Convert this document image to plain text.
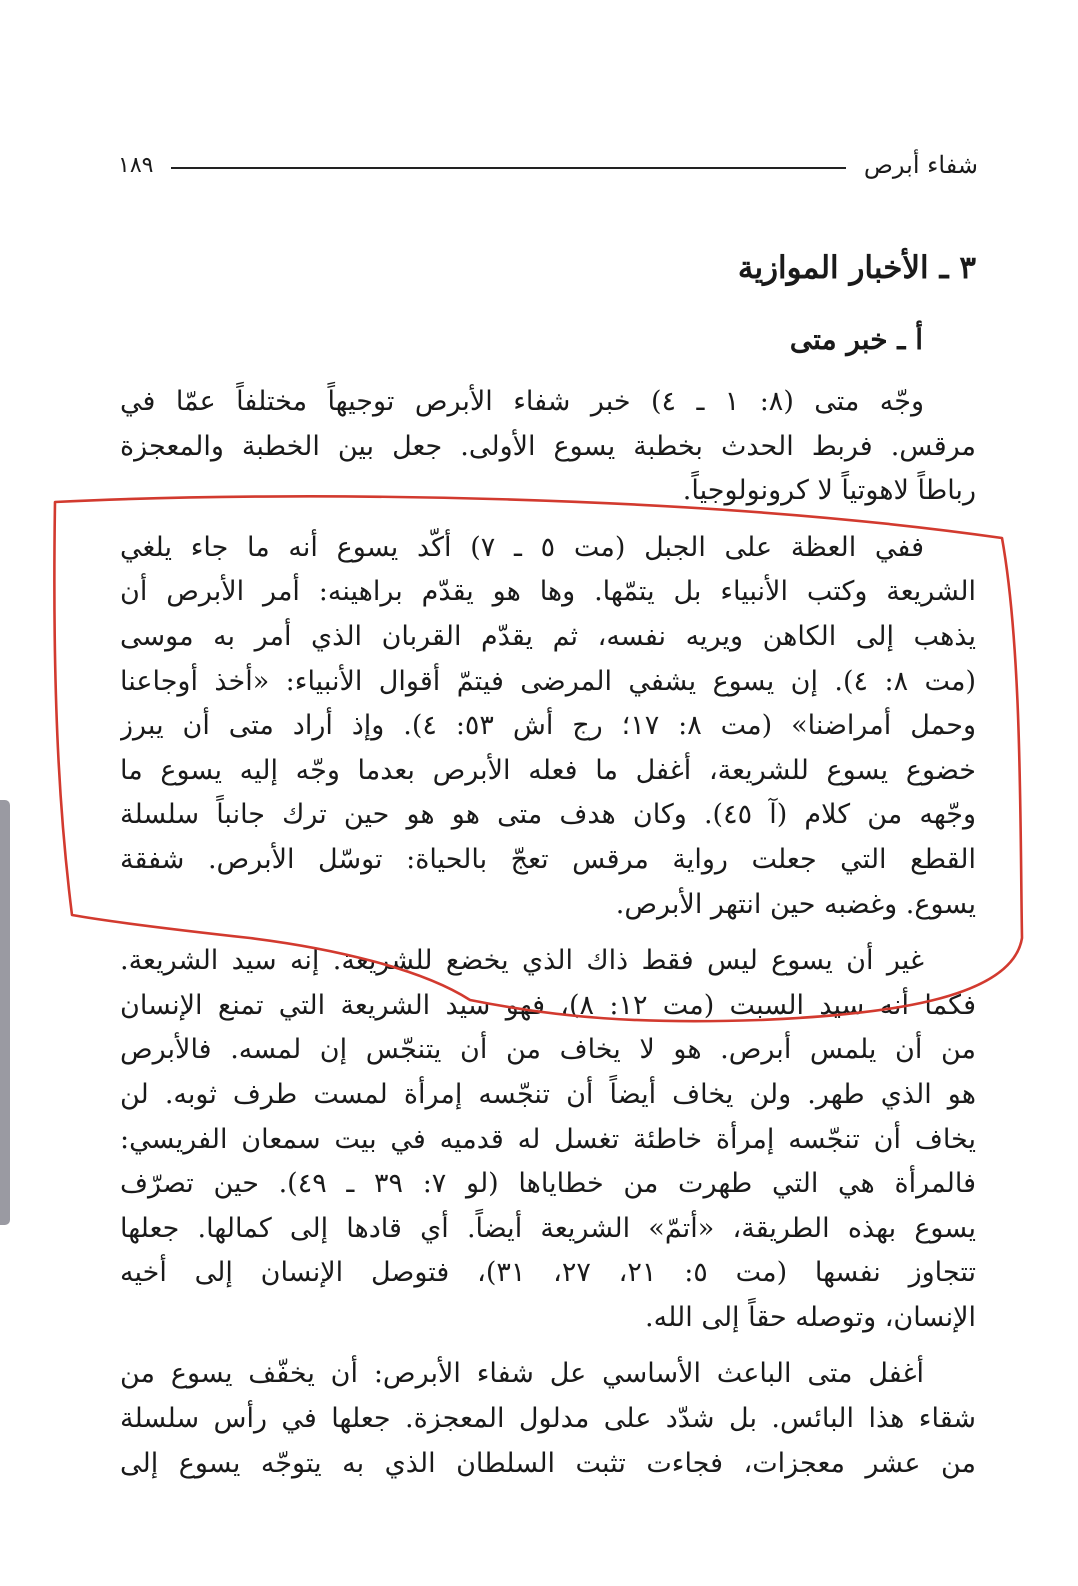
شفاء أبرص
١٨٩
٣ ـ الأخبار الموازية
أ ـ خبر متى
وجّه متى (٨: ١ ـ ٤) خبر شفاء الأبرص توجيهاً مختلفاً عمّا في
مرقس. فربط الحدث بخطبة يسوع الأولى. جعل بين الخطبة والمعجزة
رباطاً لاهوتياً لا كرونولوجياً.
ففي العظة على الجبل (مت ٥ ـ ٧) أكّد يسوع أنه ما جاء يلغي
الشريعة وكتب الأنبياء بل يتمّها. وها هو يقدّم براهينه: أمر الأبرص أن
يذهب إلى الكاهن ويريه نفسه، ثم يقدّم القربان الذي أمر به موسى
(مت ٨: ٤). إن يسوع يشفي المرضى فيتمّ أقوال الأنبياء: «أخذ أوجاعنا
وحمل أمراضنا» (مت ٨: ١٧؛ رج أش ٥٣: ٤). وإذ أراد متى أن يبرز
خضوع يسوع للشريعة، أغفل ما فعله الأبرص بعدما وجّه إليه يسوع ما
وجّهه من كلام (آ ٤٥). وكان هدف متى هو هو حين ترك جانباً سلسلة
القطع التي جعلت رواية مرقس تعجّ بالحياة: توسّل الأبرص. شفقة
يسوع. وغضبه حين انتهر الأبرص.
غير أن يسوع ليس فقط ذاك الذي يخضع للشريعة. إنه سيد الشريعة.
فكما أنه سيد السبت (مت ١٢: ٨)، فهو سيد الشريعة التي تمنع الإنسان
من أن يلمس أبرص. هو لا يخاف من أن يتنجّس إن لمسه. فالأبرص
هو الذي طهر. ولن يخاف أيضاً أن تنجّسه إمرأة لمست طرف ثوبه. لن
يخاف أن تنجّسه إمرأة خاطئة تغسل له قدميه في بيت سمعان الفريسي:
فالمرأة هي التي طهرت من خطاياها (لو ٧: ٣٩ ـ ٤٩). حين تصرّف
يسوع بهذه الطريقة، «أتمّ» الشريعة أيضاً. أي قادها إلى كمالها. جعلها
تتجاوز نفسها (مت ٥: ٢١، ٢٧، ٣١)، فتوصل الإنسان إلى أخيه
الإنسان، وتوصله حقاً إلى الله.
أغفل متى الباعث الأساسي عل شفاء الأبرص: أن يخفّف يسوع من
شقاء هذا البائس. بل شدّد على مدلول المعجزة. جعلها في رأس سلسلة
من عشر معجزات، فجاءت تثبت السلطان الذي به يتوجّه يسوع إلى
